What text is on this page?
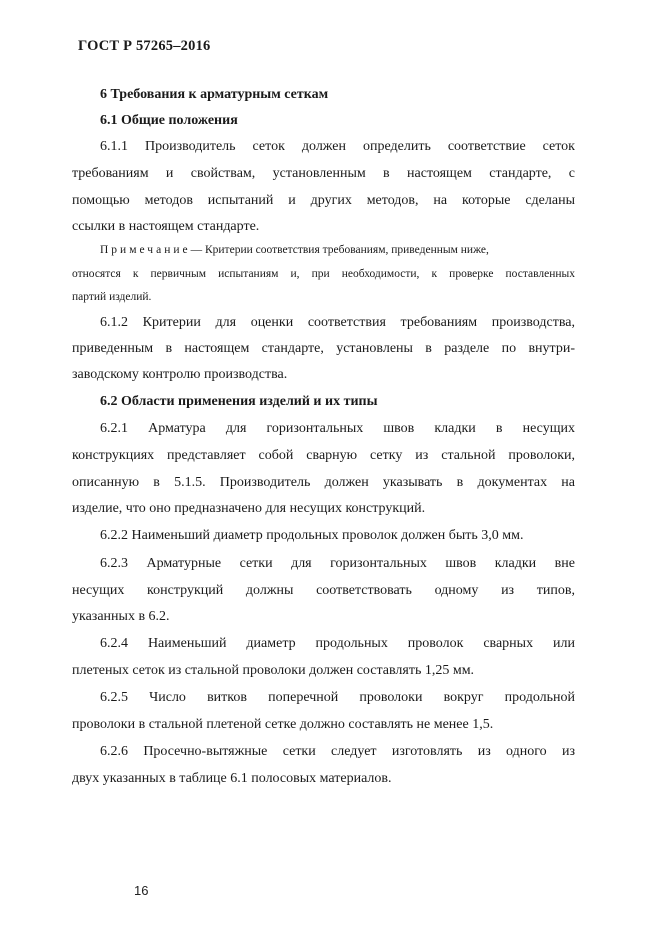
ГОСТ Р 57265–2016
6 Требования к арматурным сеткам
6.1 Общие положения
6.1.1 Производитель сеток должен определить соответствие сеток
требованиям и свойствам, установленным в настоящем стандарте, с
помощью методов испытаний и других методов, на которые сделаны
ссылки в настоящем стандарте.
Примечание — Критерии соответствия требованиям, приведенным ниже,
относятся к первичным испытаниям и, при необходимости, к проверке поставленных
партий изделий.
6.1.2 Критерии для оценки соответствия требованиям производства,
приведенным в настоящем стандарте, установлены в разделе по внутри-
заводскому контролю производства.
6.2 Области применения изделий и их типы
6.2.1 Арматура для горизонтальных швов кладки в несущих
конструкциях представляет собой сварную сетку из стальной проволоки,
описанную в 5.1.5. Производитель должен указывать в документах на
изделие, что оно предназначено для несущих конструкций.
6.2.2 Наименьший диаметр продольных проволок должен быть 3,0 мм.
6.2.3 Арматурные сетки для горизонтальных швов кладки вне
несущих конструкций должны соответствовать одному из типов,
указанных в 6.2.
6.2.4 Наименьший диаметр продольных проволок сварных или
плетеных сеток из стальной проволоки должен составлять 1,25 мм.
6.2.5 Число витков поперечной проволоки вокруг продольной
проволоки в стальной плетеной сетке должно составлять не менее 1,5.
6.2.6 Просечно-вытяжные сетки следует изготовлять из одного из
двух указанных в таблице 6.1 полосовых материалов.
16
